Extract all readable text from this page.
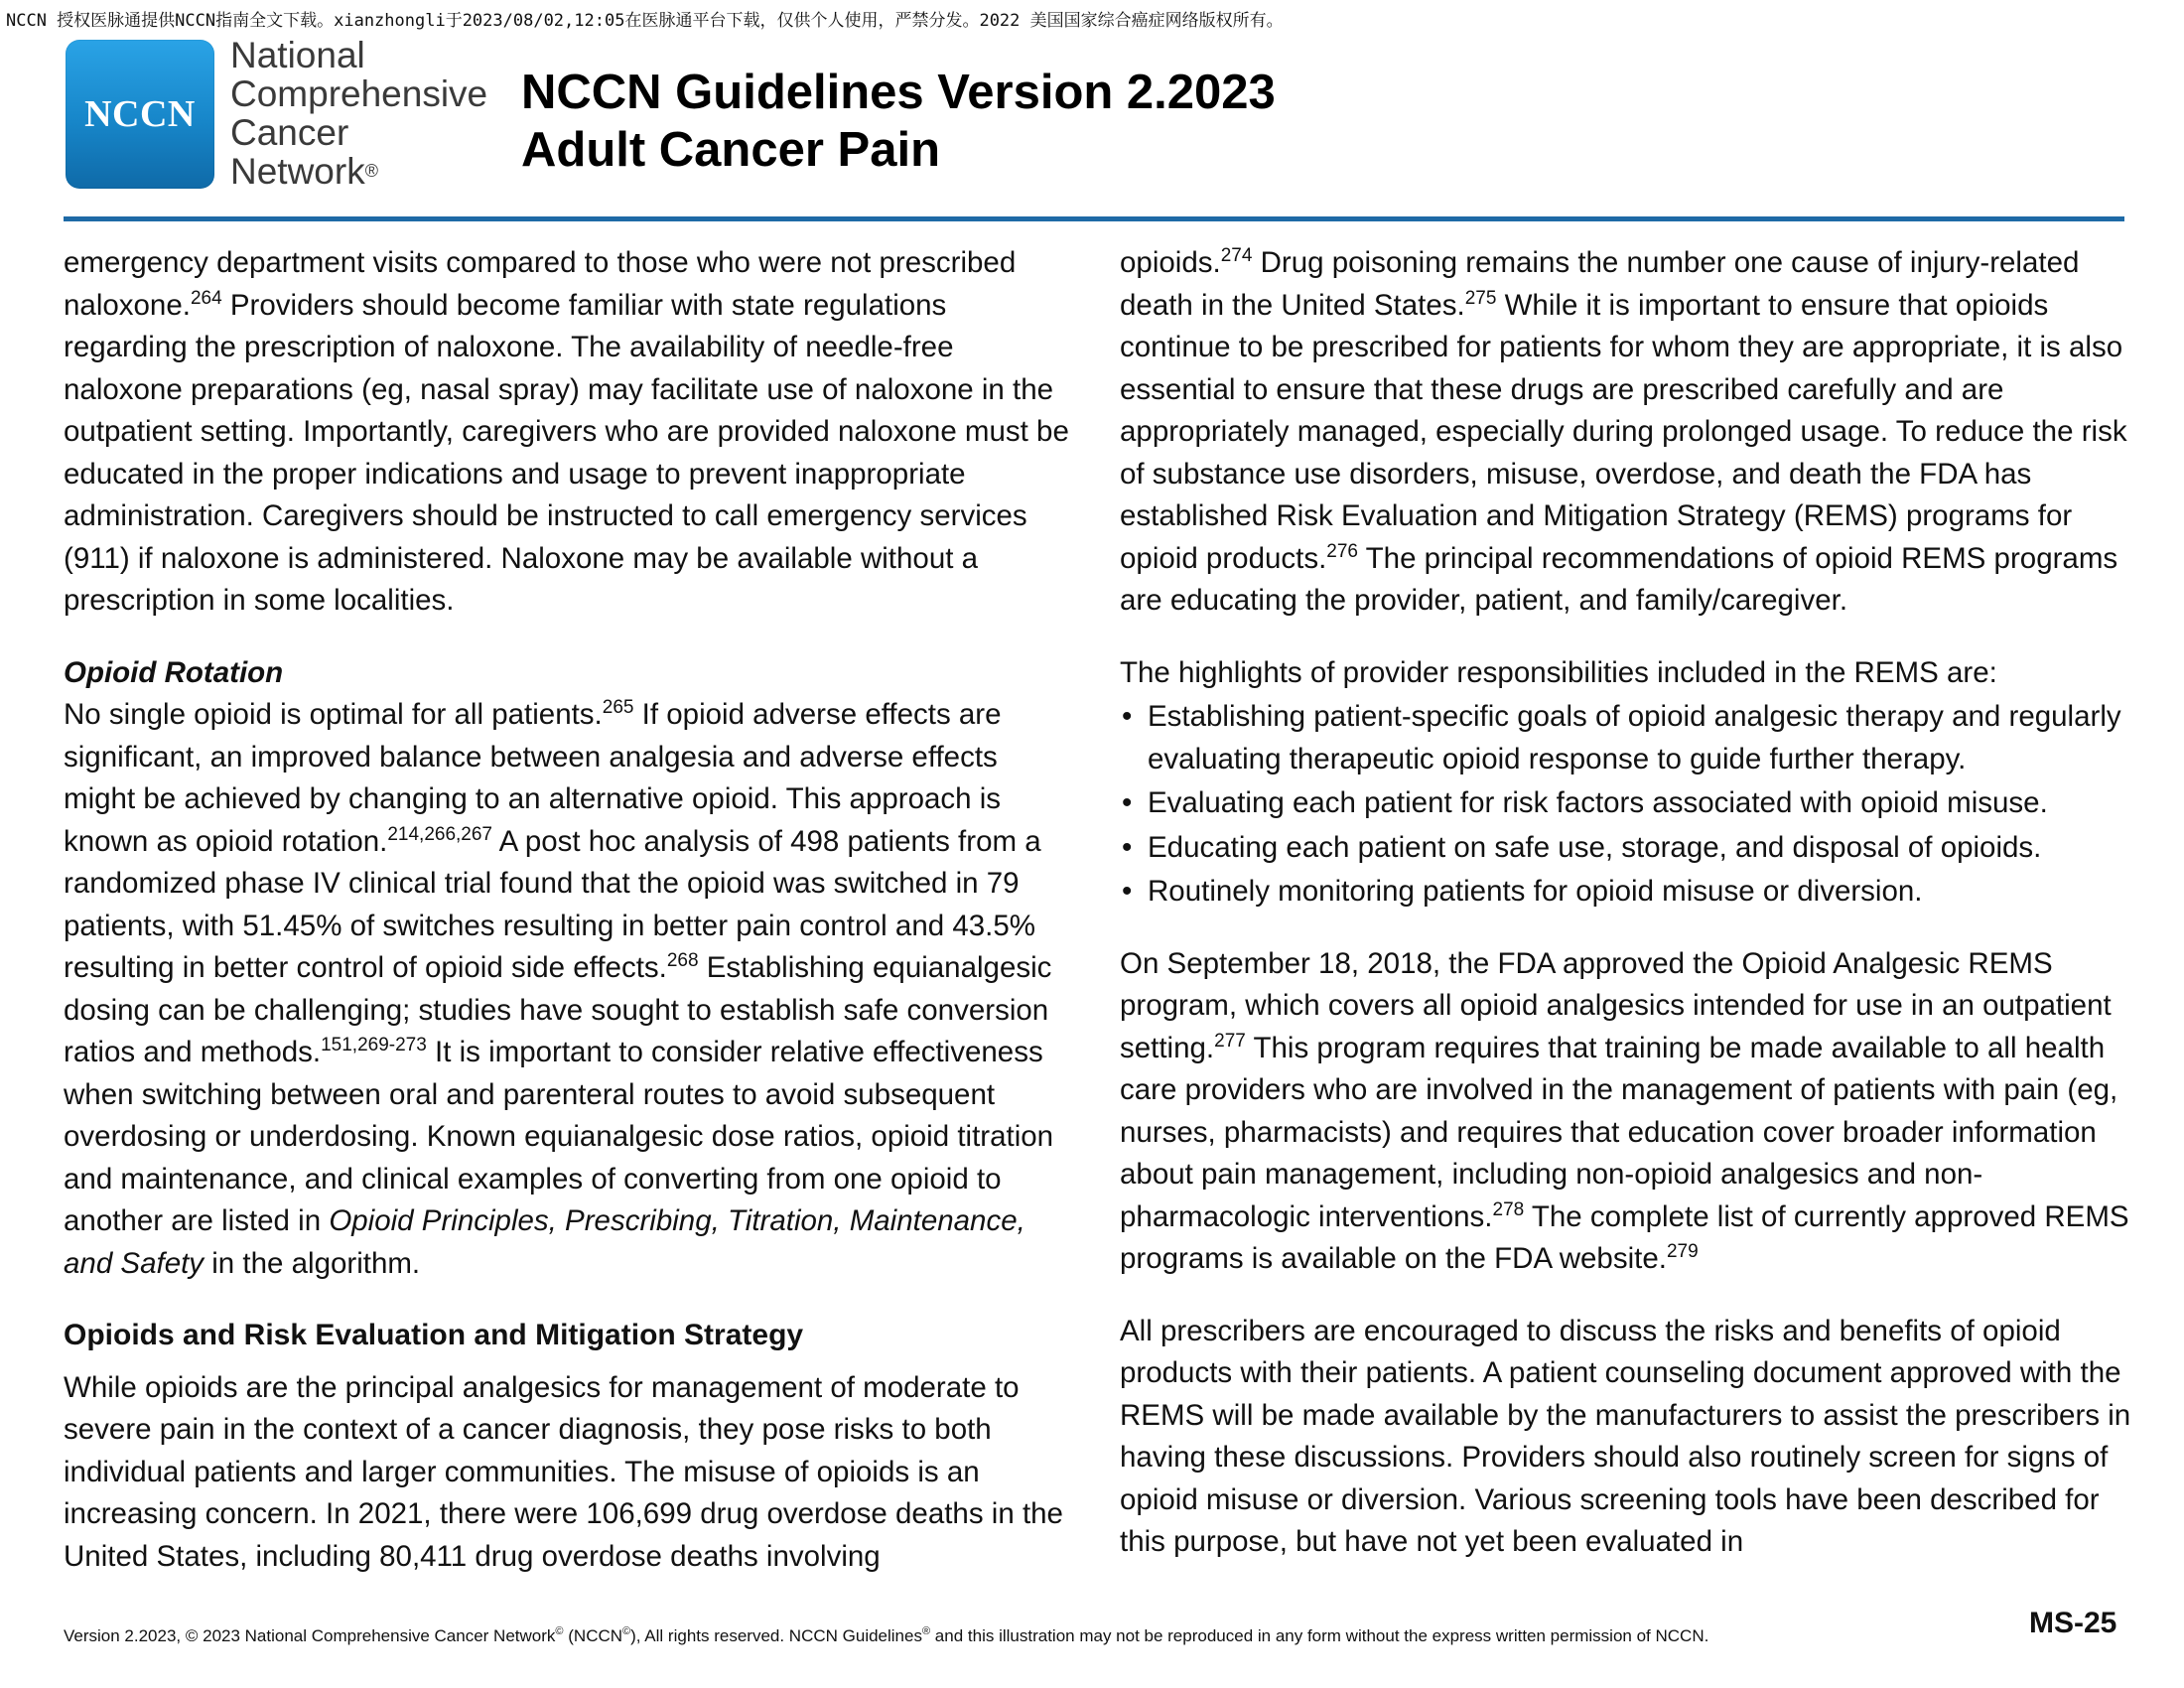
NCCN 授权医脉通提供NCCN指南全文下载。xianzhongli于2023/08/02,12:05在医脉通平台下载，仅供个人使用，严禁分发。2022 美国国家综合癌症网络版权所有。
NCCN
National
Comprehensive
Cancer
Network®
NCCN Guidelines Version 2.2023
Adult Cancer Pain

emergency department visits compared to those who were not prescribed naloxone.$^{264}$ Providers should become familiar with state regulations regarding the prescription of naloxone. The availability of needle-free naloxone preparations (eg, nasal spray) may facilitate use of naloxone in the outpatient setting. Importantly, caregivers who are provided naloxone must be educated in the proper indications and usage to prevent inappropriate administration. Caregivers should be instructed to call emergency services (911) if naloxone is administered. Naloxone may be available without a prescription in some localities.

Opioid Rotation

No single opioid is optimal for all patients.$^{265}$ If opioid adverse effects are significant, an improved balance between analgesia and adverse effects might be achieved by changing to an alternative opioid. This approach is known as opioid rotation.$^{214,266,267}$ A post hoc analysis of 498 patients from a randomized phase IV clinical trial found that the opioid was switched in 79 patients, with 51.45% of switches resulting in better pain control and 43.5% resulting in better control of opioid side effects.$^{268}$ Establishing equianalgesic dosing can be challenging; studies have sought to establish safe conversion ratios and methods.$^{151,269-273}$ It is important to consider relative effectiveness when switching between oral and parenteral routes to avoid subsequent overdosing or underdosing. Known equianalgesic dose ratios, opioid titration and maintenance, and clinical examples of converting from one opioid to another are listed in Opioid Principles, Prescribing, Titration, Maintenance, and Safety in the algorithm.

Opioids and Risk Evaluation and Mitigation Strategy

While opioids are the principal analgesics for management of moderate to severe pain in the context of a cancer diagnosis, they pose risks to both individual patients and larger communities. The misuse of opioids is an increasing concern. In 2021, there were 106,699 drug overdose deaths in the United States, including 80,411 drug overdose deaths involving

opioids.$^{274}$ Drug poisoning remains the number one cause of injury-related death in the United States.$^{275}$ While it is important to ensure that opioids continue to be prescribed for patients for whom they are appropriate, it is also essential to ensure that these drugs are prescribed carefully and are appropriately managed, especially during prolonged usage. To reduce the risk of substance use disorders, misuse, overdose, and death the FDA has established Risk Evaluation and Mitigation Strategy (REMS) programs for opioid products.$^{276}$ The principal recommendations of opioid REMS programs are educating the provider, patient, and family/caregiver.

The highlights of provider responsibilities included in the REMS are:

• Establishing patient-specific goals of opioid analgesic therapy and regularly evaluating therapeutic opioid response to guide further therapy.
• Evaluating each patient for risk factors associated with opioid misuse.
• Educating each patient on safe use, storage, and disposal of opioids.
• Routinely monitoring patients for opioid misuse or diversion.

On September 18, 2018, the FDA approved the Opioid Analgesic REMS program, which covers all opioid analgesics intended for use in an outpatient setting.$^{277}$ This program requires that training be made available to all health care providers who are involved in the management of patients with pain (eg, nurses, pharmacists) and requires that education cover broader information about pain management, including non-opioid analgesics and non-pharmacologic interventions.$^{278}$ The complete list of currently approved REMS programs is available on the FDA website.$^{279}$

All prescribers are encouraged to discuss the risks and benefits of opioid products with their patients. A patient counseling document approved with the REMS will be made available by the manufacturers to assist the prescribers in having these discussions. Providers should also routinely screen for signs of opioid misuse or diversion. Various screening tools have been described for this purpose, but have not yet been evaluated in

Version 2.2023, © 2023 National Comprehensive Cancer Network© (NCCN©), All rights reserved. NCCN Guidelines® and this illustration may not be reproduced in any form without the express written permission of NCCN.	MS-25
